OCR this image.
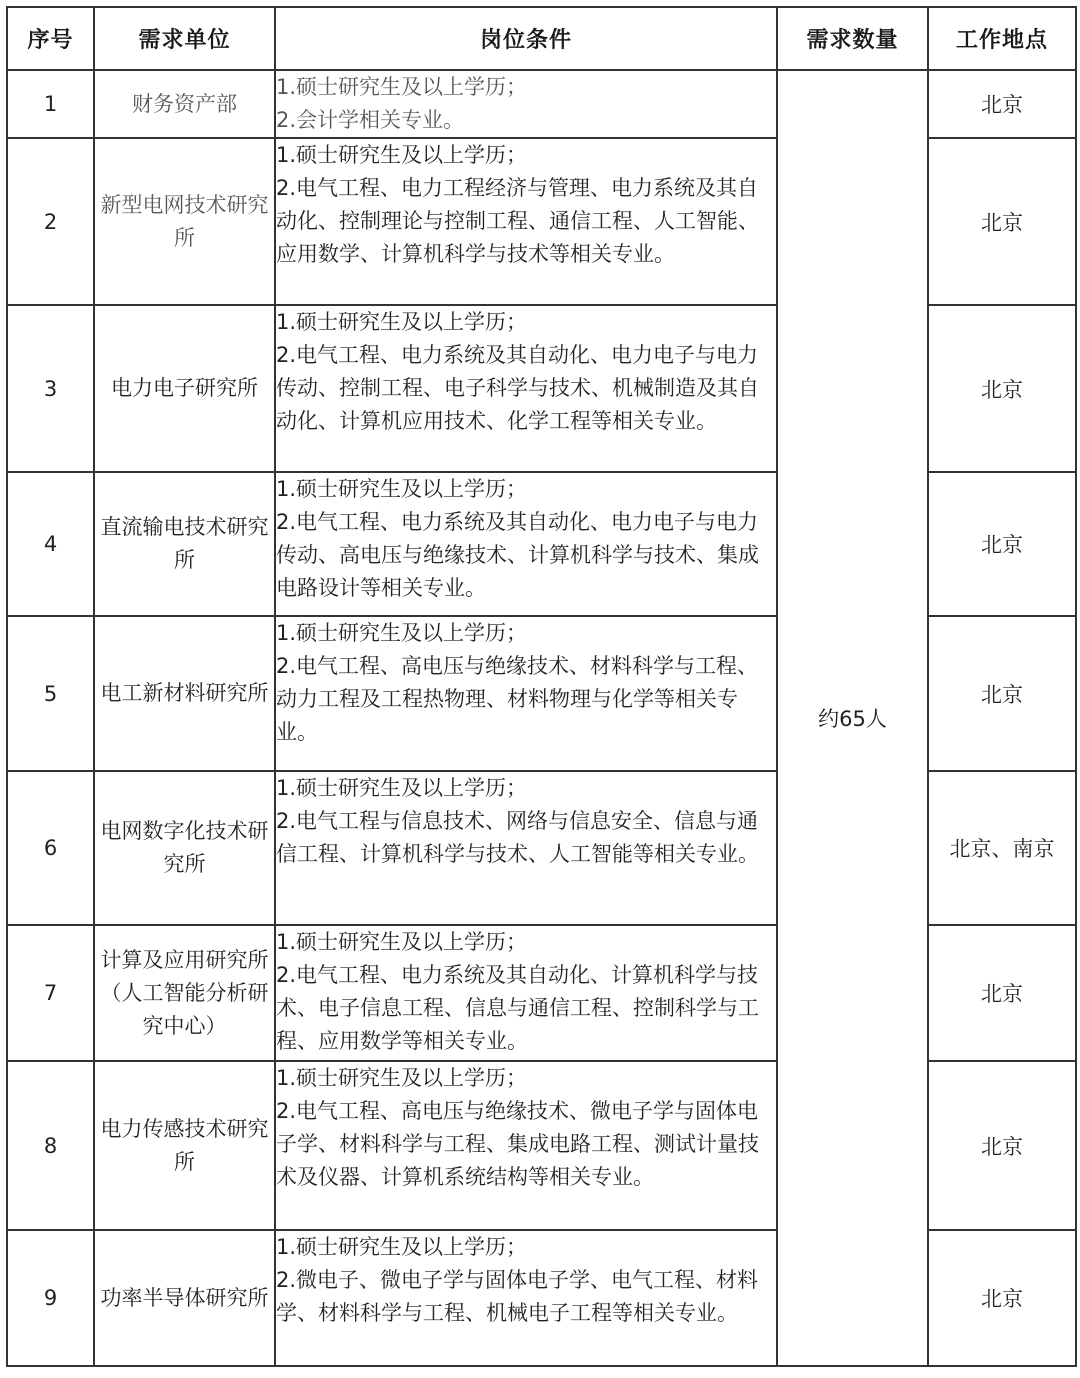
序号	需求单位	岗位条件	需求数量	工作地点
1	财务资产部	1.硕士研究生及以上学历；
2.会计学相关专业。	约65人	北京
2	新型电网技术研究所	1.硕士研究生及以上学历；
2.电气工程、电力工程经济与管理、电力系统及其自动化、控制理论与控制工程、通信工程、人工智能、应用数学、计算机科学与技术等相关专业。		北京
3	电力电子研究所	1.硕士研究生及以上学历；
2.电气工程、电力系统及其自动化、电力电子与电力传动、控制工程、电子科学与技术、机械制造及其自动化、计算机应用技术、化学工程等相关专业。		北京
4	直流输电技术研究所	1.硕士研究生及以上学历；
2.电气工程、电力系统及其自动化、电力电子与电力传动、高电压与绝缘技术、计算机科学与技术、集成电路设计等相关专业。		北京
5	电工新材料研究所	1.硕士研究生及以上学历；
2.电气工程、高电压与绝缘技术、材料科学与工程、动力工程及工程热物理、材料物理与化学等相关专业。		北京
6	电网数字化技术研究所	1.硕士研究生及以上学历；
2.电气工程与信息技术、网络与信息安全、信息与通信工程、计算机科学与技术、人工智能等相关专业。		北京、南京
7	计算及应用研究所（人工智能分析研究中心）	1.硕士研究生及以上学历；
2.电气工程、电力系统及其自动化、计算机科学与技术、电子信息工程、信息与通信工程、控制科学与工程、应用数学等相关专业。		北京
8	电力传感技术研究所	1.硕士研究生及以上学历；
2.电气工程、高电压与绝缘技术、微电子学与固体电子学、材料科学与工程、集成电路工程、测试计量技术及仪器、计算机系统结构等相关专业。		北京
9	功率半导体研究所	1.硕士研究生及以上学历；
2.微电子、微电子学与固体电子学、电气工程、材料学、材料科学与工程、机械电子工程等相关专业。		北京
